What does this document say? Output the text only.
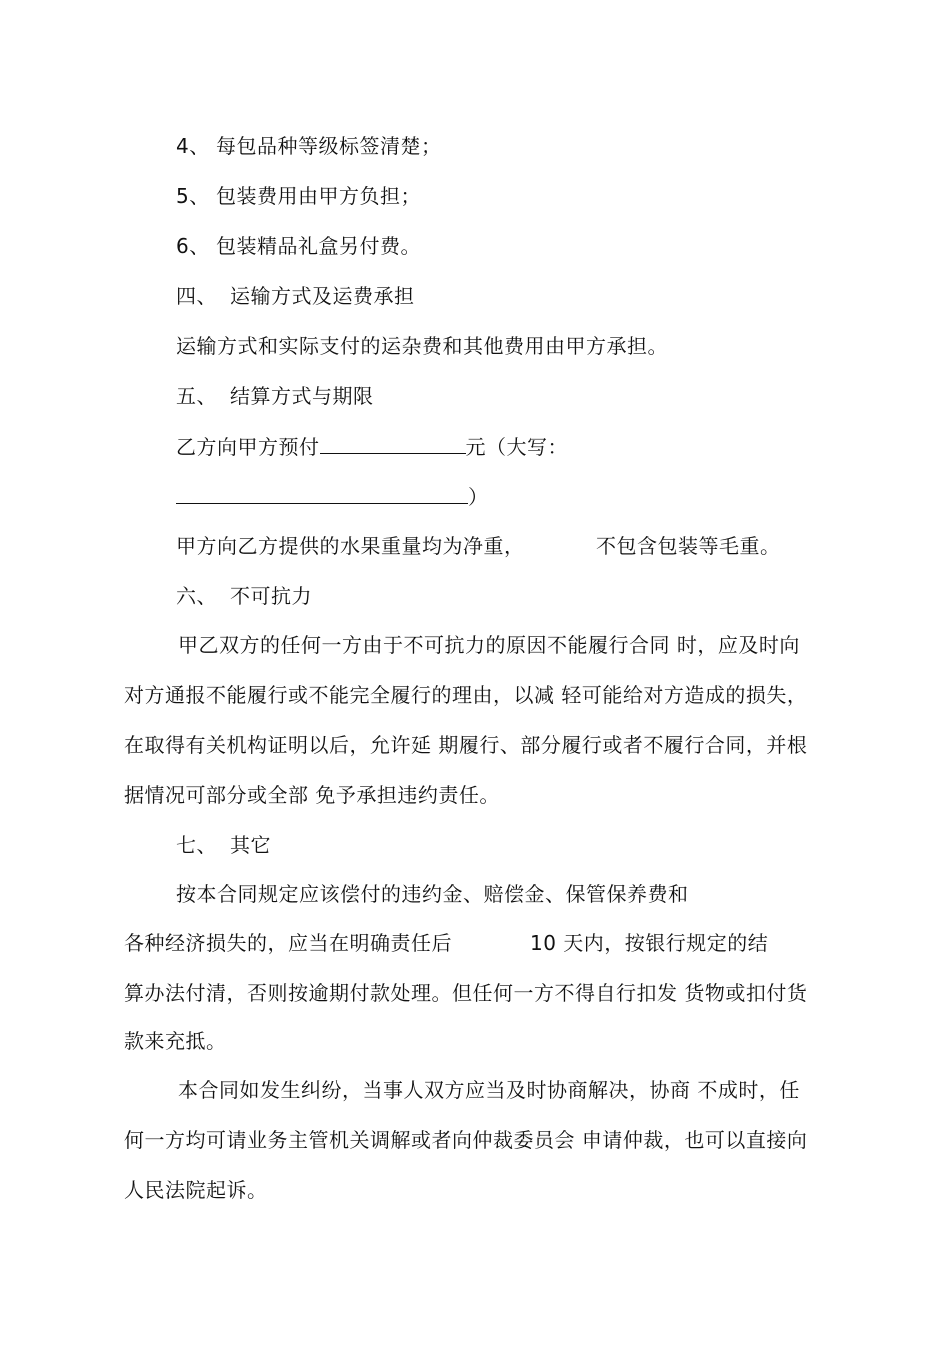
4、 每包品种等级标签清楚；
5、 包装费用由甲方负担；
6、 包装精品礼盒另付费。
四、 运输方式及运费承担
运输方式和实际支付的运杂费和其他费用由甲方承担。
五、 结算方式与期限
乙方向甲方预付	元（大写：
）
甲方向乙方提供的水果重量均为净重，	不包含包装等毛重。
六、 不可抗力
甲乙双方的任何一方由于不可抗力的原因不能履行合同 时，应及时向
对方通报不能履行或不能完全履行的理由，以减 轻可能给对方造成的损失，
在取得有关机构证明以后，允许延 期履行、部分履行或者不履行合同，并根
据情况可部分或全部 免予承担违约责任。
七、 其它
按本合同规定应该偿付的违约金、赔偿金、保管保养费和
各种经济损失的，应当在明确责任后	10 天内，按银行规定的结
算办法付清，否则按逾期付款处理。但任何一方不得自行扣发 货物或扣付货
款来充抵。
本合同如发生纠纷，当事人双方应当及时协商解决，协商 不成时，任
何一方均可请业务主管机关调解或者向仲裁委员会 申请仲裁，也可以直接向
人民法院起诉。
